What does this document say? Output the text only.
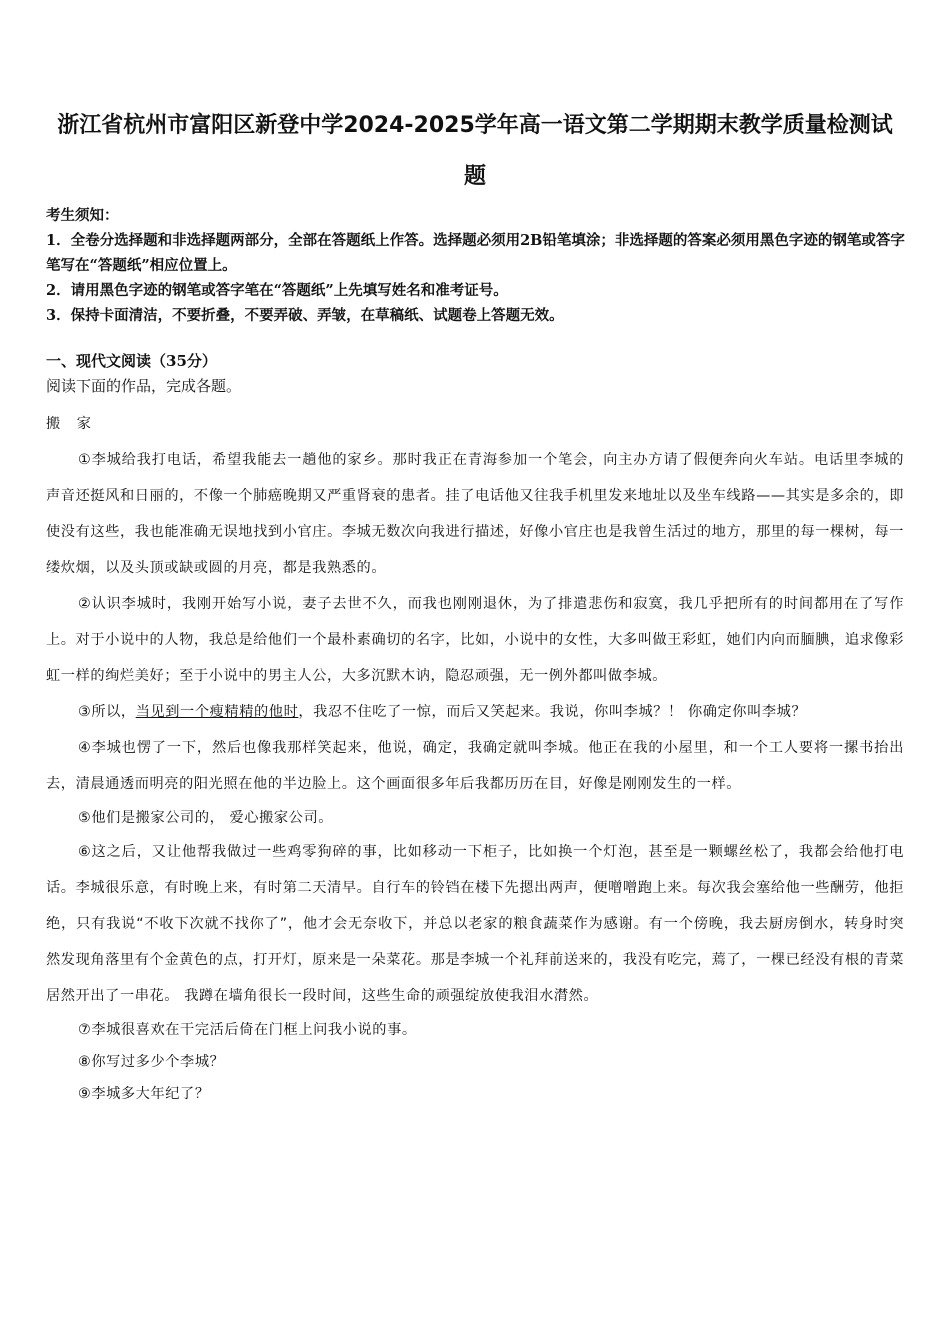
浙江省杭州市富阳区新登中学2024-2025学年高一语文第二学期期末教学质量检测试
题

考生须知：

1．全卷分选择题和非选择题两部分，全部在答题纸上作答。选择题必须用2B铅笔填涂；非选择题的答案必须用黑色字迹的钢笔或答字笔写在“答题纸”相应位置上。

2．请用黑色字迹的钢笔或答字笔在“答题纸”上先填写姓名和准考证号。

3．保持卡面清洁，不要折叠，不要弄破、弄皱，在草稿纸、试题卷上答题无效。

一、现代文阅读（35分）

阅读下面的作品，完成各题。

搬 家

①李城给我打电话，希望我能去一趟他的家乡。那时我正在青海参加一个笔会，向主办方请了假便奔向火车站。电话里李城的声音还挺风和日丽的，不像一个肺癌晚期又严重肾衰的患者。挂了电话他又往我手机里发来地址以及坐车线路——其实是多余的，即使没有这些，我也能准确无误地找到小官庄。李城无数次向我进行描述，好像小官庄也是我曾生活过的地方，那里的每一棵树，每一缕炊烟，以及头顶或缺或圆的月亮，都是我熟悉的。

②认识李城时，我刚开始写小说，妻子去世不久，而我也刚刚退休，为了排遣悲伤和寂寞，我几乎把所有的时间都用在了写作上。对于小说中的人物，我总是给他们一个最朴素确切的名字，比如，小说中的女性，大多叫做王彩虹，她们内向而腼腆，追求像彩虹一样的绚烂美好；至于小说中的男主人公，大多沉默木讷，隐忍顽强，无一例外都叫做李城。

③所以，当见到一个瘦精精的他时，我忍不住吃了一惊，而后又笑起来。我说，你叫李城？！ 你确定你叫李城？

④李城也愣了一下，然后也像我那样笑起来，他说，确定，我确定就叫李城。他正在我的小屋里，和一个工人要将一摞书抬出去，清晨通透而明亮的阳光照在他的半边脸上。这个画面很多年后我都历历在目，好像是刚刚发生的一样。

⑤他们是搬家公司的， 爱心搬家公司。

⑥这之后，又让他帮我做过一些鸡零狗碎的事，比如移动一下柜子，比如换一个灯泡，甚至是一颗螺丝松了，我都会给他打电话。李城很乐意，有时晚上来，有时第二天清早。自行车的铃铛在楼下先摁出两声，便噌噌跑上来。每次我会塞给他一些酬劳，他拒绝，只有我说“不收下次就不找你了”，他才会无奈收下，并总以老家的粮食蔬菜作为感谢。有一个傍晚，我去厨房倒水，转身时突然发现角落里有个金黄色的点，打开灯，原来是一朵菜花。那是李城一个礼拜前送来的，我没有吃完，蔫了，一棵已经没有根的青菜居然开出了一串花。 我蹲在墙角很长一段时间，这些生命的顽强绽放使我泪水潸然。

⑦李城很喜欢在干完活后倚在门框上问我小说的事。

⑧你写过多少个李城？

⑨李城多大年纪了？
